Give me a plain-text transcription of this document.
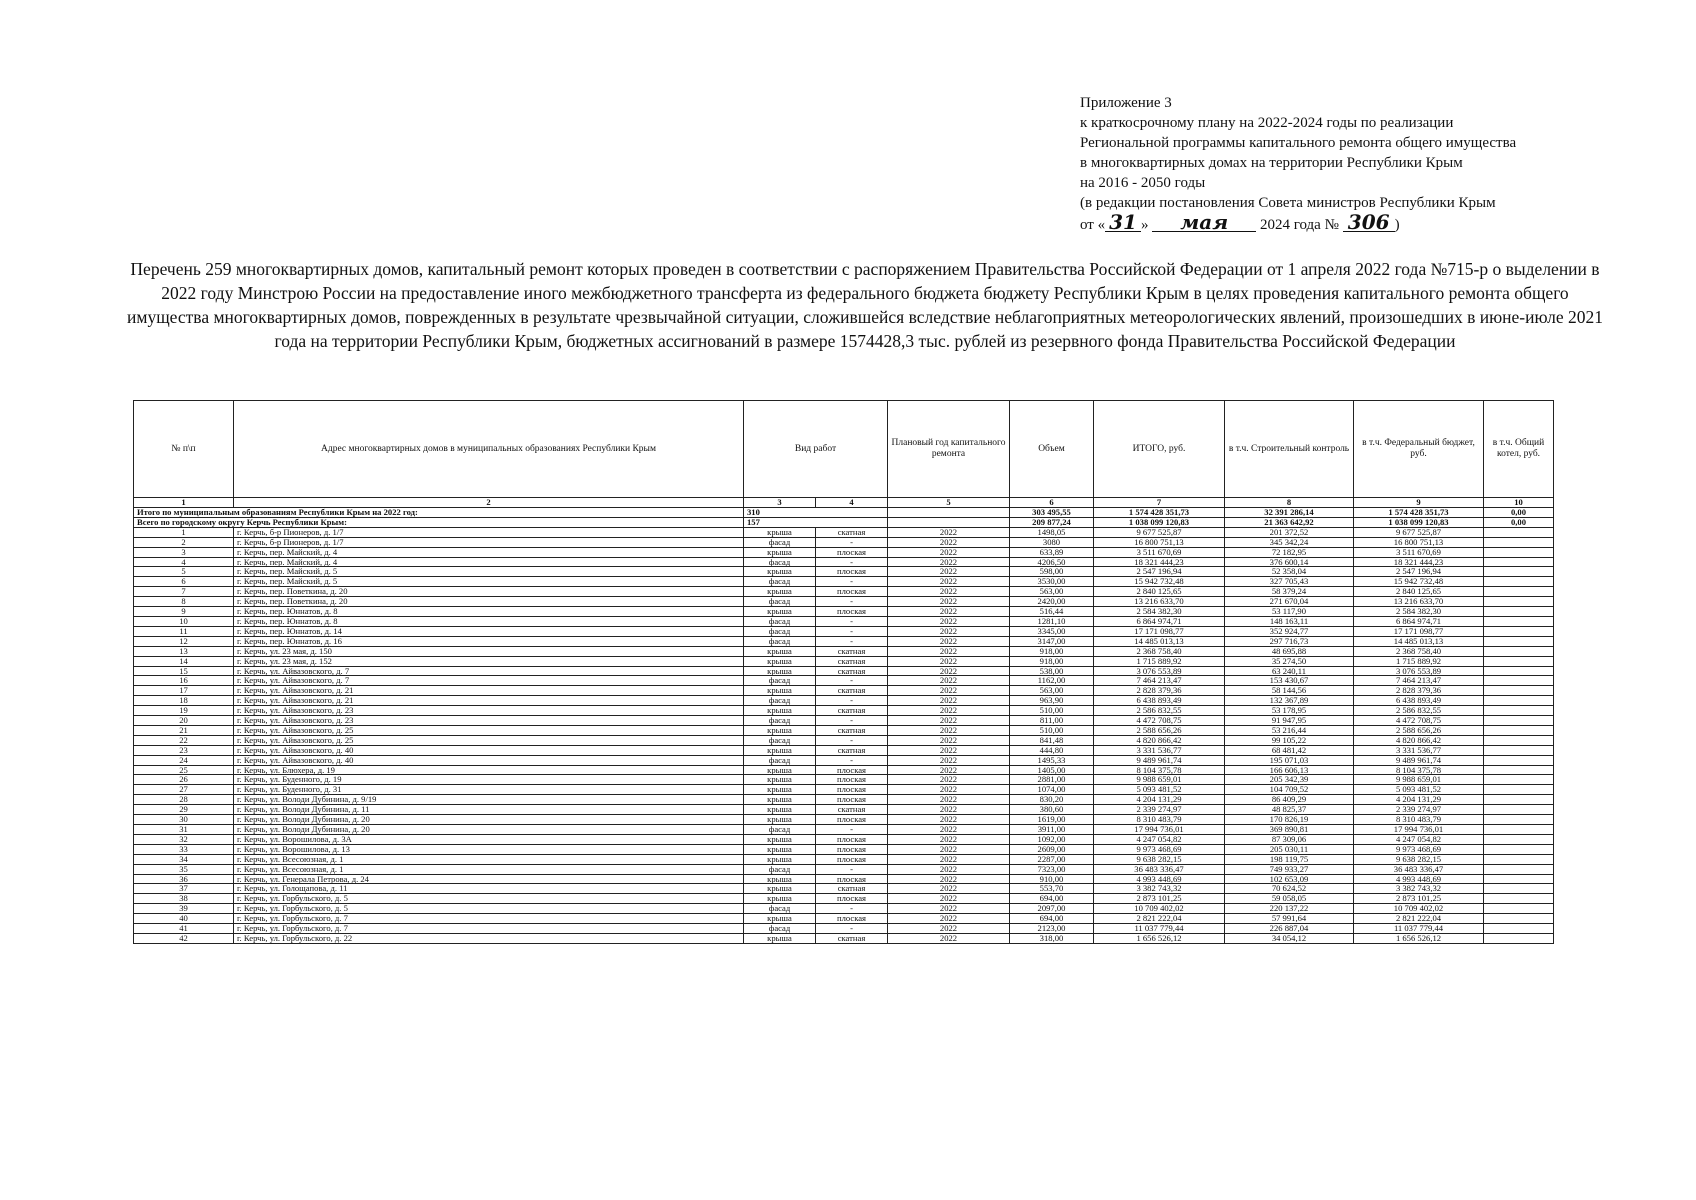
Приложение 3
к краткосрочному плану на 2022-2024 годы по реализации
Региональной программы капитального ремонта общего имущества
в многоквартирных домах на территории Республики Крым
на 2016 - 2050 годы
(в редакции постановления Совета министров Республики Крым
от « 31 » мая 2024 года № 306 )
Перечень 259 многоквартирных домов, капитальный ремонт которых проведен в соответствии с распоряжением Правительства Российской Федерации от 1 апреля 2022 года №715-р о выделении в 2022 году Минстрою России на предоставление иного межбюджетного трансферта из федерального бюджета бюджету Республики Крым в целях проведения капитального ремонта общего имущества многоквартирных домов, поврежденных в результате чрезвычайной ситуации, сложившейся вследствие неблагоприятных метеорологических явлений, произошедших в июне-июле 2021 года на территории Республики Крым, бюджетных ассигнований в размере 1574428,3 тыс. рублей из резервного фонда Правительства Российской Федерации
№ п\п	Адрес многоквартирных домов в муниципальных образованиях Республики Крым	Вид работ		Плановый год капитального ремонта	Объем	ИТОГО, руб.	в т.ч. Строительный контроль	в т.ч. Федеральный бюджет, руб.	в т.ч. Общий котел, руб.
1	2	3	4	5	6	7	8	9	10
Итого по муниципальным образованиям Республики Крым на 2022 год:		310			303 495,55	1 574 428 351,73	32 391 286,14	1 574 428 351,73	0,00
Всего по городскому округу Керчь Республики Крым:		157			209 877,24	1 038 099 120,83	21 363 642,92	1 038 099 120,83	0,00
1	г. Керчь, б-р Пионеров, д. 1/7	крыша	скатная	2022	1498,05	9 677 525,87	201 372,52	9 677 525,87	
2	г. Керчь, б-р Пионеров, д. 1/7	фасад	-	2022	3080	16 800 751,13	345 342,24	16 800 751,13	
3	г. Керчь, пер. Майский, д. 4	крыша	плоская	2022	633,89	3 511 670,69	72 182,95	3 511 670,69	
4	г. Керчь, пер. Майский, д. 4	фасад	-	2022	4206,50	18 321 444,23	376 600,14	18 321 444,23	
5	г. Керчь, пер. Майский, д. 5	крыша	плоская	2022	598,00	2 547 196,94	52 358,04	2 547 196,94	
6	г. Керчь, пер. Майский, д. 5	фасад	-	2022	3530,00	15 942 732,48	327 705,43	15 942 732,48	
7	г. Керчь, пер. Поветкина, д. 20	крыша	плоская	2022	563,00	2 840 125,65	58 379,24	2 840 125,65	
8	г. Керчь, пер. Поветкина, д. 20	фасад	-	2022	2420,00	13 216 633,70	271 670,04	13 216 633,70	
9	г. Керчь, пер. Юннатов, д. 8	крыша	плоская	2022	516,44	2 584 382,30	53 117,90	2 584 382,30	
10	г. Керчь, пер. Юннатов, д. 8	фасад	-	2022	1281,10	6 864 974,71	148 163,11	6 864 974,71	
11	г. Керчь, пер. Юннатов, д. 14	фасад	-	2022	3345,00	17 171 098,77	352 924,77	17 171 098,77	
12	г. Керчь, пер. Юннатов, д. 16	фасад	-	2022	3147,00	14 485 013,13	297 716,73	14 485 013,13	
13	г. Керчь, ул. 23 мая, д. 150	крыша	скатная	2022	918,00	2 368 758,40	48 695,88	2 368 758,40	
14	г. Керчь, ул. 23 мая, д. 152	крыша	скатная	2022	918,00	1 715 889,92	35 274,50	1 715 889,92	
15	г. Керчь, ул. Айвазовского, д. 7	крыша	скатная	2022	538,00	3 076 553,89	63 240,11	3 076 553,89	
16	г. Керчь, ул. Айвазовского, д. 7	фасад	-	2022	1162,00	7 464 213,47	153 430,67	7 464 213,47	
17	г. Керчь, ул. Айвазовского, д. 21	крыша	скатная	2022	563,00	2 828 379,36	58 144,56	2 828 379,36	
18	г. Керчь, ул. Айвазовского, д. 21	фасад	-	2022	963,90	6 438 893,49	132 367,89	6 438 893,49	
19	г. Керчь, ул. Айвазовского, д. 23	крыша	скатная	2022	510,00	2 586 832,55	53 178,95	2 586 832,55	
20	г. Керчь, ул. Айвазовского, д. 23	фасад	-	2022	811,00	4 472 708,75	91 947,95	4 472 708,75	
21	г. Керчь, ул. Айвазовского, д. 25	крыша	скатная	2022	510,00	2 588 656,26	53 216,44	2 588 656,26	
22	г. Керчь, ул. Айвазовского, д. 25	фасад	-	2022	841,48	4 820 866,42	99 105,22	4 820 866,42	
23	г. Керчь, ул. Айвазовского, д. 40	крыша	скатная	2022	444,80	3 331 536,77	68 481,42	3 331 536,77	
24	г. Керчь, ул. Айвазовского, д. 40	фасад	-	2022	1495,33	9 489 961,74	195 071,03	9 489 961,74	
25	г. Керчь, ул. Блюхера, д. 19	крыша	плоская	2022	1405,00	8 104 375,78	166 606,13	8 104 375,78	
26	г. Керчь, ул. Буденного, д. 19	крыша	плоская	2022	2881,00	9 988 659,01	205 342,39	9 988 659,01	
27	г. Керчь, ул. Буденного, д. 31	крыша	плоская	2022	1074,00	5 093 481,52	104 709,52	5 093 481,52	
28	г. Керчь, ул. Володи Дубинина, д. 9/19	крыша	плоская	2022	830,20	4 204 131,29	86 409,29	4 204 131,29	
29	г. Керчь, ул. Володи Дубинина, д. 11	крыша	скатная	2022	380,60	2 339 274,97	48 825,37	2 339 274,97	
30	г. Керчь, ул. Володи Дубинина, д. 20	крыша	плоская	2022	1619,00	8 310 483,79	170 826,19	8 310 483,79	
31	г. Керчь, ул. Володи Дубинина, д. 20	фасад	-	2022	3911,00	17 994 736,01	369 890,81	17 994 736,01	
32	г. Керчь, ул. Ворошилова, д. 3А	крыша	плоская	2022	1092,00	4 247 054,82	87 309,06	4 247 054,82	
33	г. Керчь, ул. Ворошилова, д. 13	крыша	плоская	2022	2609,00	9 973 468,69	205 030,11	9 973 468,69	
34	г. Керчь, ул. Всесоюзная, д. 1	крыша	плоская	2022	2287,00	9 638 282,15	198 119,75	9 638 282,15	
35	г. Керчь, ул. Всесоюзная, д. 1	фасад	-	2022	7323,00	36 483 336,47	749 933,27	36 483 336,47	
36	г. Керчь, ул. Генерала Петрова, д. 24	крыша	плоская	2022	910,00	4 993 448,69	102 653,09	4 993 448,69	
37	г. Керчь, ул. Голощапова, д. 11	крыша	скатная	2022	553,70	3 382 743,32	70 624,52	3 382 743,32	
38	г. Керчь, ул. Горбульского, д. 5	крыша	плоская	2022	694,00	2 873 101,25	59 058,05	2 873 101,25	
39	г. Керчь, ул. Горбульского, д. 5	фасад	-	2022	2097,00	10 709 402,02	220 137,22	10 709 402,02	
40	г. Керчь, ул. Горбульского, д. 7	крыша	плоская	2022	694,00	2 821 222,04	57 991,64	2 821 222,04	
41	г. Керчь, ул. Горбульского, д. 7	фасад	-	2022	2123,00	11 037 779,44	226 887,04	11 037 779,44	
42	г. Керчь, ул. Горбульского, д. 22	крыша	скатная	2022	318,00	1 656 526,12	34 054,12	1 656 526,12	
